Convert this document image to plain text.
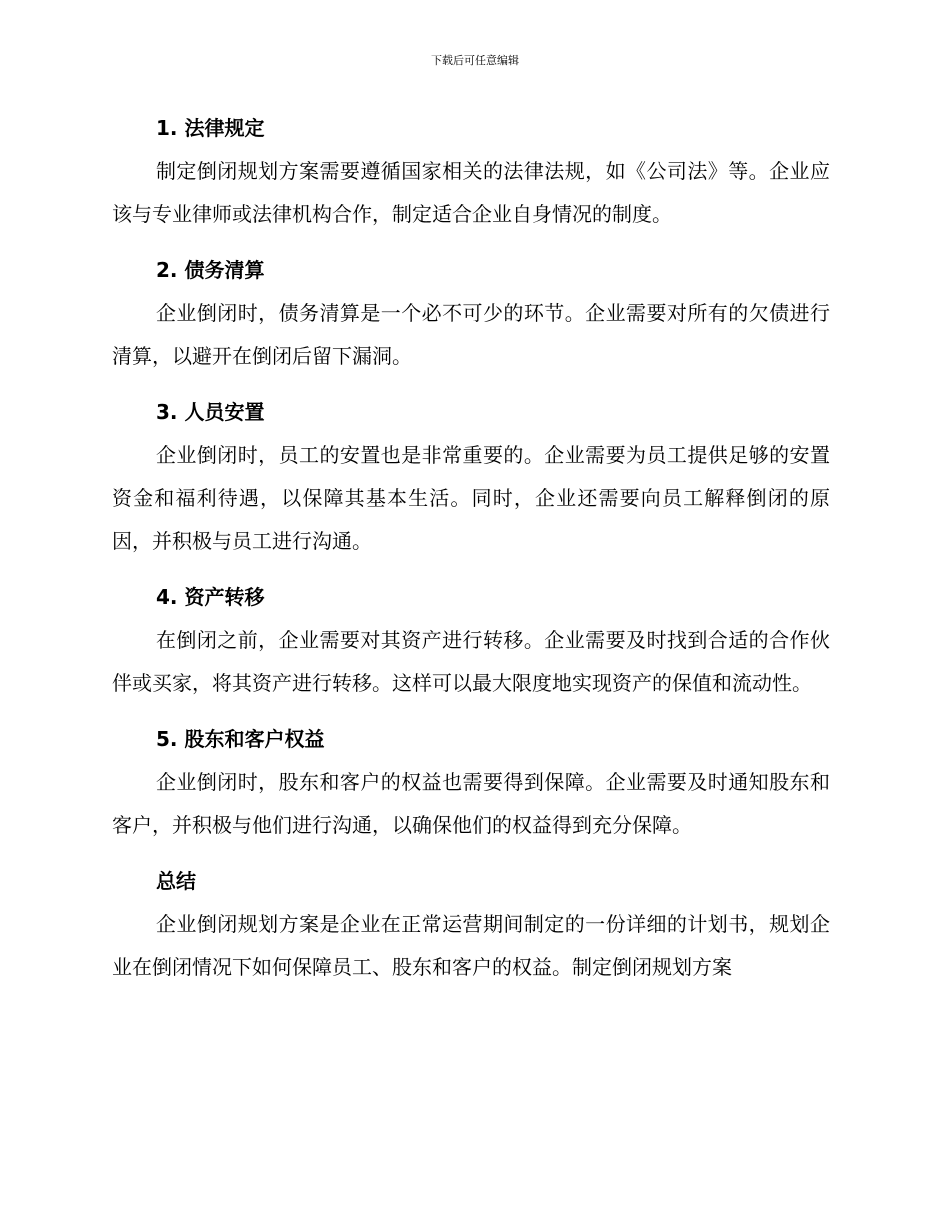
下载后可任意编辑
1. 法律规定

制定倒闭规划方案需要遵循国家相关的法律法规，如《公司法》等。企业应该与专业律师或法律机构合作，制定适合企业自身情况的制度。

2. 债务清算

企业倒闭时，债务清算是一个必不可少的环节。企业需要对所有的欠债进行清算，以避开在倒闭后留下漏洞。

3. 人员安置

企业倒闭时，员工的安置也是非常重要的。企业需要为员工提供足够的安置资金和福利待遇，以保障其基本生活。同时，企业还需要向员工解释倒闭的原因，并积极与员工进行沟通。

4. 资产转移

在倒闭之前，企业需要对其资产进行转移。企业需要及时找到合适的合作伙伴或买家，将其资产进行转移。这样可以最大限度地实现资产的保值和流动性。

5. 股东和客户权益

企业倒闭时，股东和客户的权益也需要得到保障。企业需要及时通知股东和客户，并积极与他们进行沟通，以确保他们的权益得到充分保障。

总结

企业倒闭规划方案是企业在正常运营期间制定的一份详细的计划书，规划企业在倒闭情况下如何保障员工、股东和客户的权益。制定倒闭规划方案
